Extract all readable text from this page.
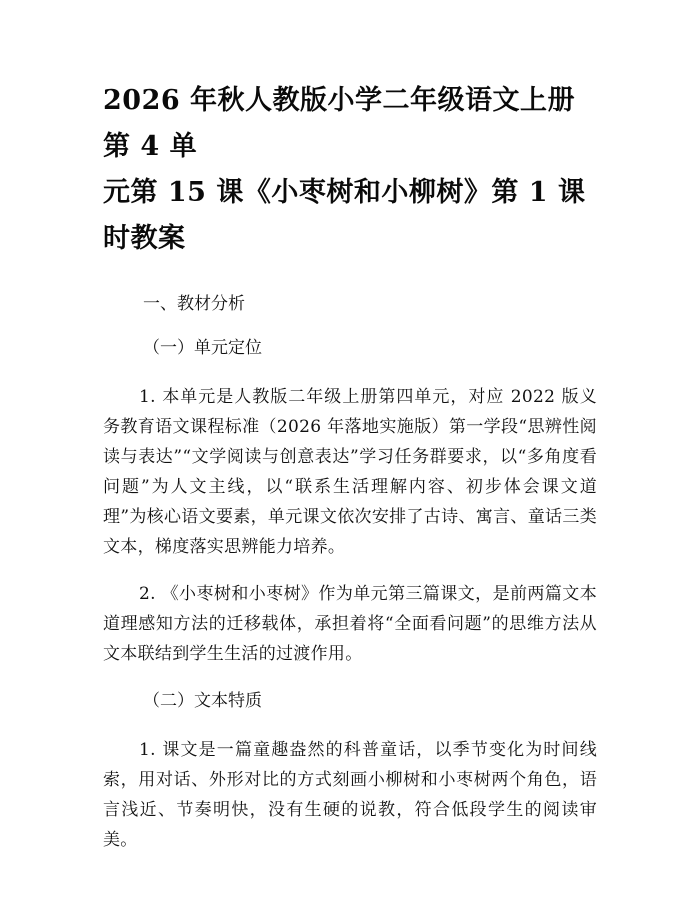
2026 年秋人教版小学二年级语文上册第 4 单
元第 15 课《小枣树和小柳树》第 1 课时教案
一、教材分析
（一）单元定位

1. 本单元是人教版二年级上册第四单元，对应 2022 版义务教育语文课程标准（2026 年落地实施版）第一学段“思辨性阅读与表达”“文学阅读与创意表达”学习任务群要求，以“多角度看问题”为人文主线，以“联系生活理解内容、初步体会课文道理”为核心语文要素，单元课文依次安排了古诗、寓言、童话三类文本，梯度落实思辨能力培养。

2. 《小枣树和小枣树》作为单元第三篇课文，是前两篇文本道理感知方法的迁移载体，承担着将“全面看问题”的思维方法从文本联结到学生生活的过渡作用。

（二）文本特质

1. 课文是一篇童趣盎然的科普童话，以季节变化为时间线索，用对话、外形对比的方式刻画小柳树和小枣树两个角色，语言浅近、节奏明快，没有生硬的说教，符合低段学生的阅读审美。
